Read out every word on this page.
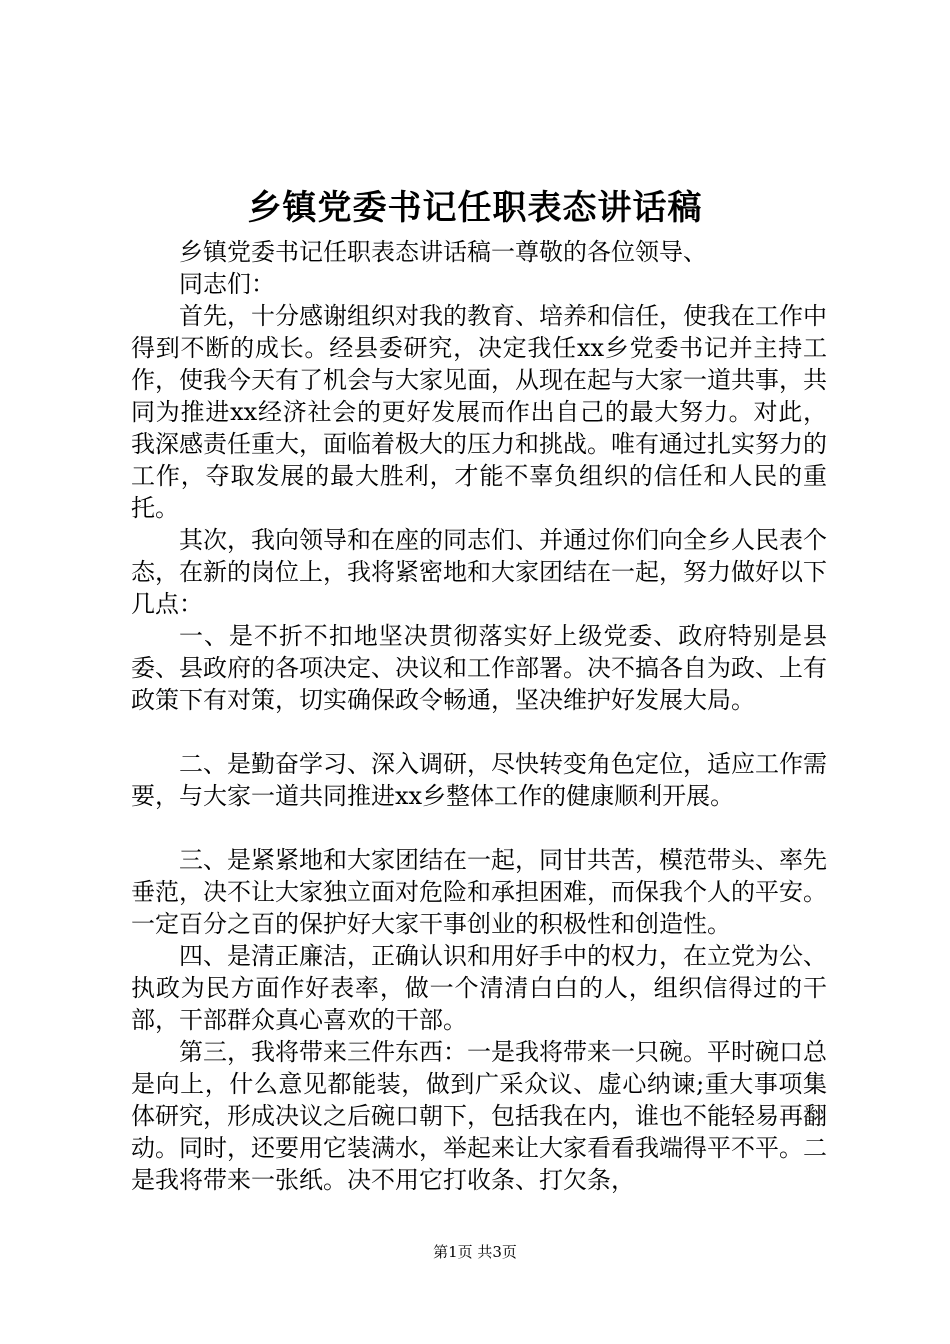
乡镇党委书记任职表态讲话稿

乡镇党委书记任职表态讲话稿一尊敬的各位领导、

同志们：

首先，十分感谢组织对我的教育、培养和信任，使我在工作中得到不断的成长。经县委研究，决定我任xx乡党委书记并主持工作，使我今天有了机会与大家见面，从现在起与大家一道共事，共同为推进xx经济社会的更好发展而作出自己的最大努力。对此，我深感责任重大，面临着极大的压力和挑战。唯有通过扎实努力的工作，夺取发展的最大胜利，才能不辜负组织的信任和人民的重托。

其次，我向领导和在座的同志们、并通过你们向全乡人民表个态，在新的岗位上，我将紧密地和大家团结在一起，努力做好以下几点：

一、是不折不扣地坚决贯彻落实好上级党委、政府特别是县委、县政府的各项决定、决议和工作部署。决不搞各自为政、上有政策下有对策，切实确保政令畅通，坚决维护好发展大局。

二、是勤奋学习、深入调研，尽快转变角色定位，适应工作需要，与大家一道共同推进xx乡整体工作的健康顺利开展。

三、是紧紧地和大家团结在一起，同甘共苦，模范带头、率先垂范，决不让大家独立面对危险和承担困难，而保我个人的平安。一定百分之百的保护好大家干事创业的积极性和创造性。

四、是清正廉洁，正确认识和用好手中的权力，在立党为公、执政为民方面作好表率，做一个清清白白的人，组织信得过的干部，干部群众真心喜欢的干部。

第三，我将带来三件东西：一是我将带来一只碗。平时碗口总是向上，什么意见都能装，做到广采众议、虚心纳谏;重大事项集体研究，形成决议之后碗口朝下，包括我在内，谁也不能轻易再翻动。同时，还要用它装满水，举起来让大家看看我端得平不平。二是我将带来一张纸。决不用它打收条、打欠条，

第1页 共3页
